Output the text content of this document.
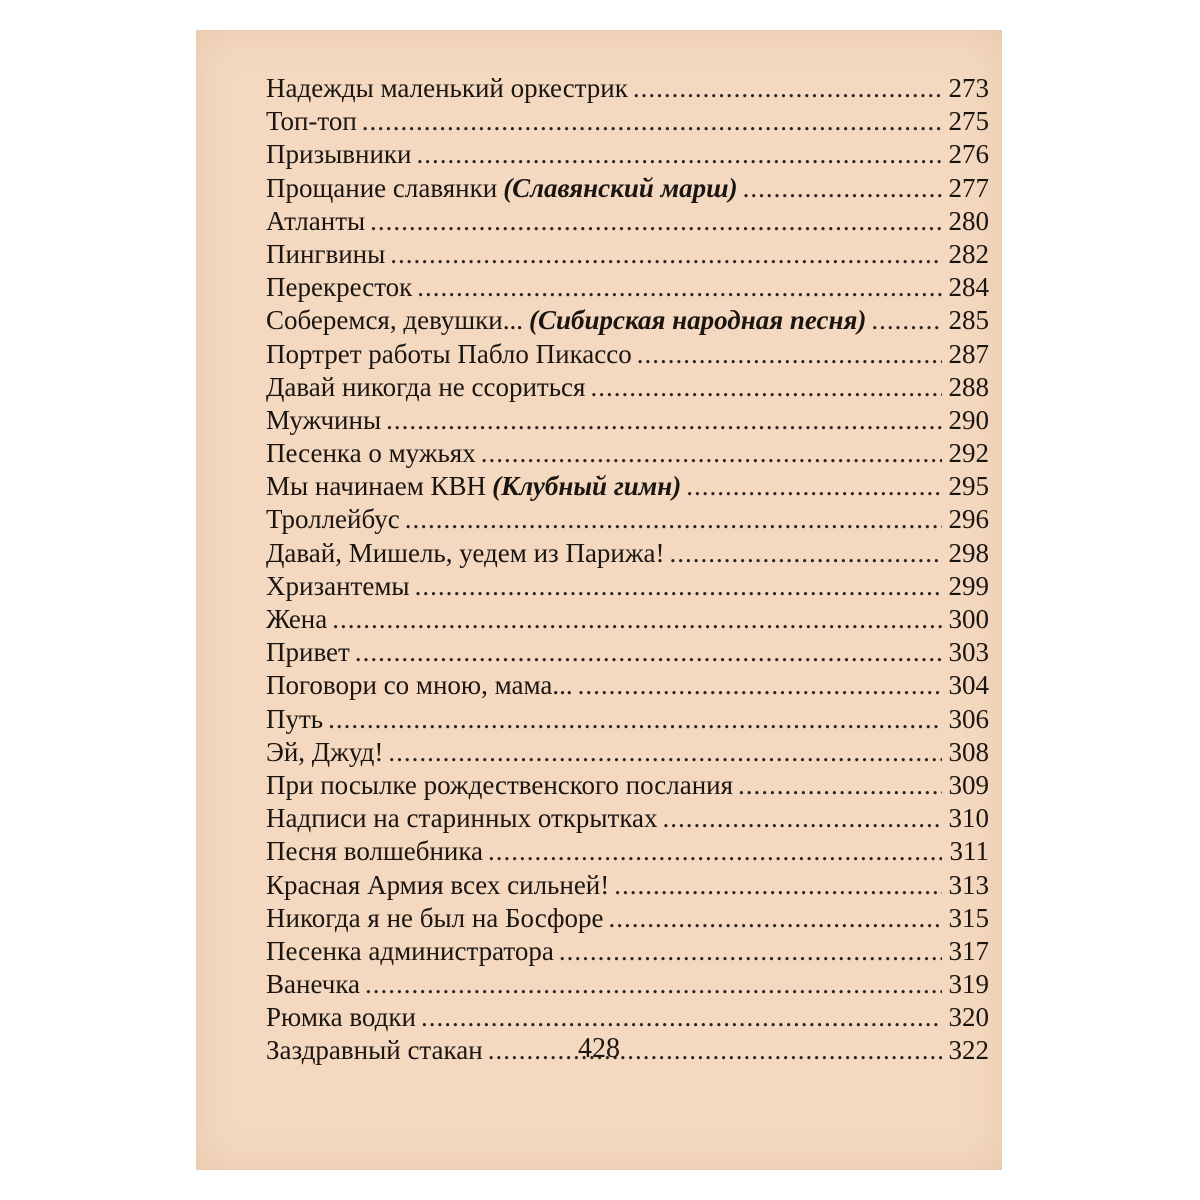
Надежды маленький оркестрик .....	273
Топ-топ .....	275
Призывники .....	276
Прощание славянки (Славянский марш) .....	277
Атланты .....	280
Пингвины .....	282
Перекресток .....	284
Соберемся, девушки... (Сибирская народная песня) .....	285
Портрет работы Пабло Пикассо .....	287
Давай никогда не ссориться .....	288
Мужчины .....	290
Песенка о мужьях .....	292
Мы начинаем КВН (Клубный гимн) .....	295
Троллейбус .....	296
Давай, Мишель, уедем из Парижа! .....	298
Хризантемы .....	299
Жена .....	300
Привет .....	303
Поговори со мною, мама... .....	304
Путь .....	306
Эй, Джуд! .....	308
При посылке рождественского послания .....	309
Надписи на старинных открытках .....	310
Песня волшебника .....	311
Красная Армия всех сильней! .....	313
Никогда я не был на Босфоре .....	315
Песенка администратора .....	317
Ванечка .....	319
Рюмка водки .....	320
Заздравный стакан .....	322
428
